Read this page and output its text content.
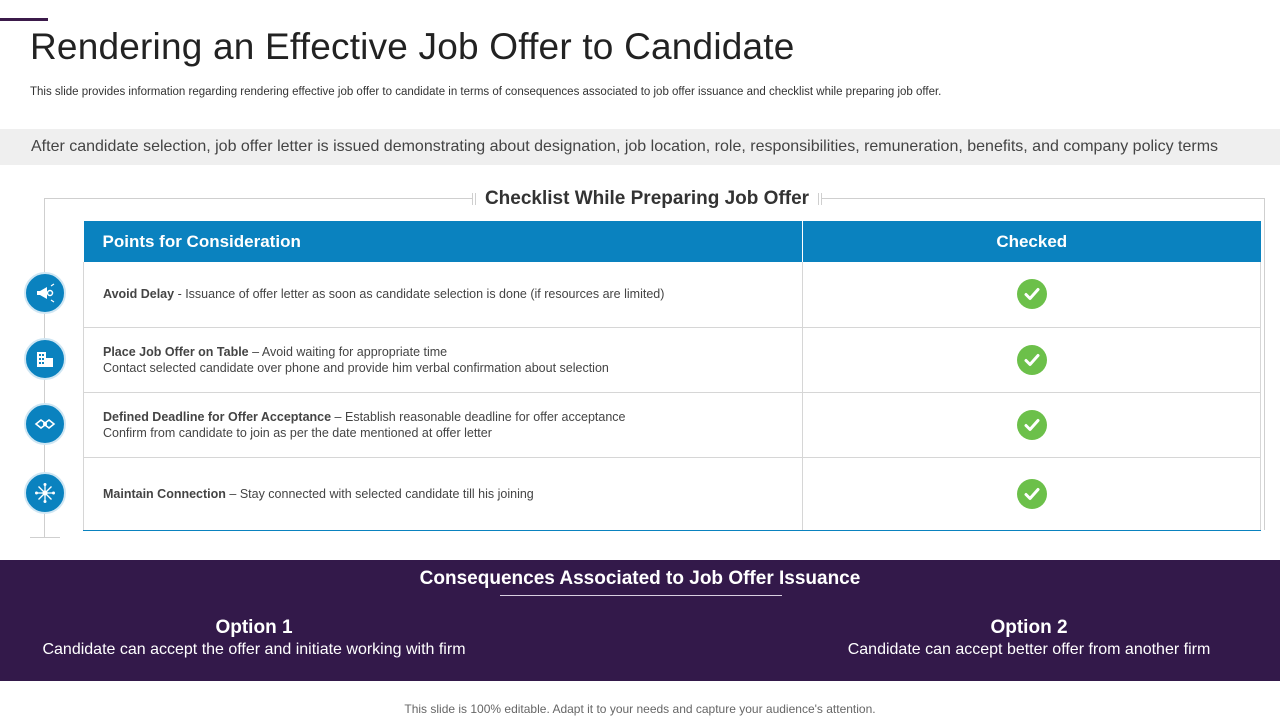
Rendering an Effective Job Offer to Candidate

This slide provides information regarding rendering effective job offer to candidate in terms of consequences associated to job offer issuance and checklist while preparing job offer.

After candidate selection, job offer letter is issued demonstrating about designation, job location, role, responsibilities, remuneration, benefits, and company policy terms
Checklist While Preparing Job Offer
Points for Consideration	Checked
Avoid Delay - Issuance of offer letter as soon as candidate selection is done (if resources are limited)	

Place Job Offer on Table – Avoid waiting for appropriate time
Contact selected candidate over phone and provide him verbal confirmation about selection	

Defined Deadline for Offer Acceptance – Establish reasonable deadline for offer acceptance
Confirm from candidate to join as per the date mentioned at offer letter	

Maintain Connection – Stay connected with selected candidate till his joining	
Consequences Associated to Job Offer Issuance
Option 1
Candidate can accept the offer and initiate working with firm
Option 2
Candidate can accept better offer from another firm
This slide is 100% editable. Adapt it to your needs and capture your audience's attention.
